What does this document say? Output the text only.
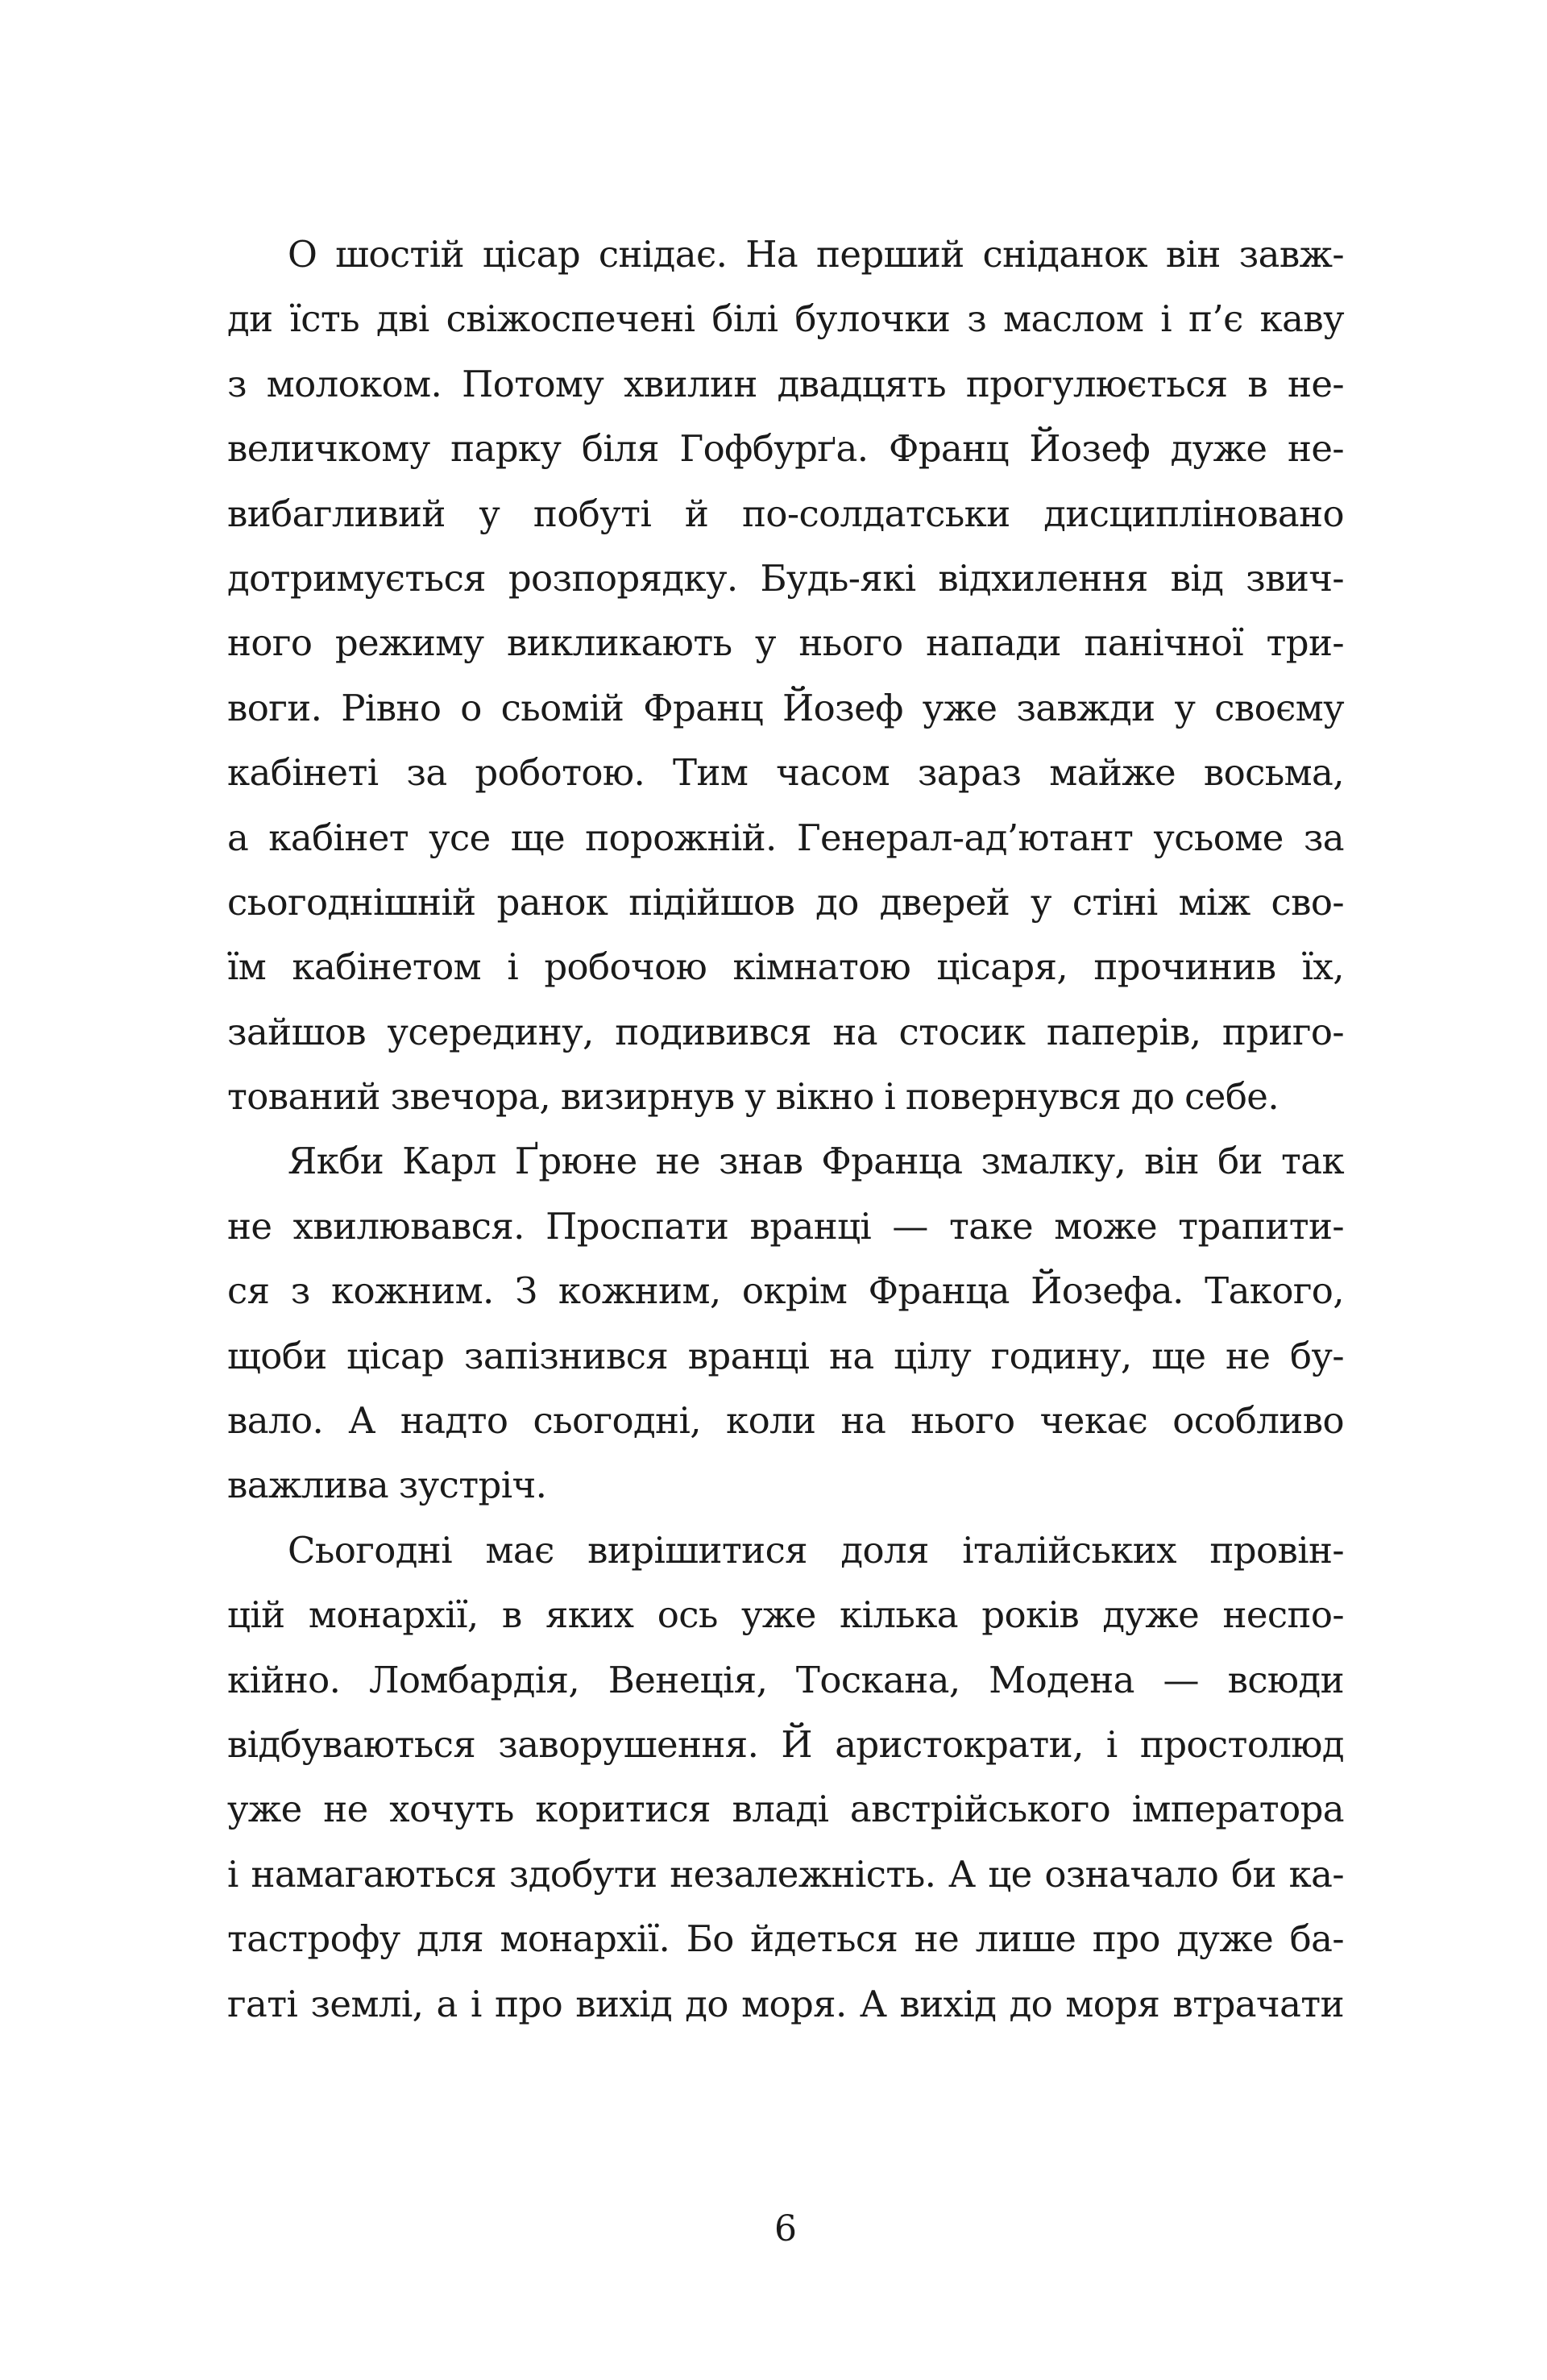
О шостій цісар снідає. На перший сніданок він завж-
ди їсть дві свіжоспечені білі булочки з маслом і п’є каву
з молоком. Потому хвилин двадцять прогулюється в не-
величкому парку біля Гофбурґа. Франц Йозеф дуже не-
вибагливий у побуті й по-солдатськи дисципліновано
дотримується розпорядку. Будь-які відхилення від звич-
ного режиму викликають у нього напади панічної три-
воги. Рівно о сьомій Франц Йозеф уже завжди у своєму
кабінеті за роботою. Тим часом зараз майже восьма,
а кабінет усе ще порожній. Генерал-ад’ютант усьоме за
сьогоднішній ранок підійшов до дверей у стіні між сво-
їм кабінетом і робочою кімнатою цісаря, прочинив їх,
зайшов усередину, подивився на стосик паперів, приго-
тований звечора, визирнув у вікно і повернувся до себе.
Якби Карл Ґрюне не знав Франца змалку, він би так
не хвилювався. Проспати вранці — таке може трапити-
ся з кожним. З кожним, окрім Франца Йозефа. Такого,
щоби цісар запізнився вранці на цілу годину, ще не бу-
вало. А надто сьогодні, коли на нього чекає особливо
важлива зустріч.
Сьогодні має вирішитися доля італійських провін-
цій монархії, в яких ось уже кілька років дуже неспо-
кійно. Ломбардія, Венеція, Тоскана, Модена — всюди
відбуваються заворушення. Й аристократи, і простолюд
уже не хочуть коритися владі австрійського імператора
і намагаються здобути незалежність. А це означало би ка-
тастрофу для монархії. Бо йдеться не лише про дуже ба-
гаті землі, а і про вихід до моря. А вихід до моря втрачати
6
